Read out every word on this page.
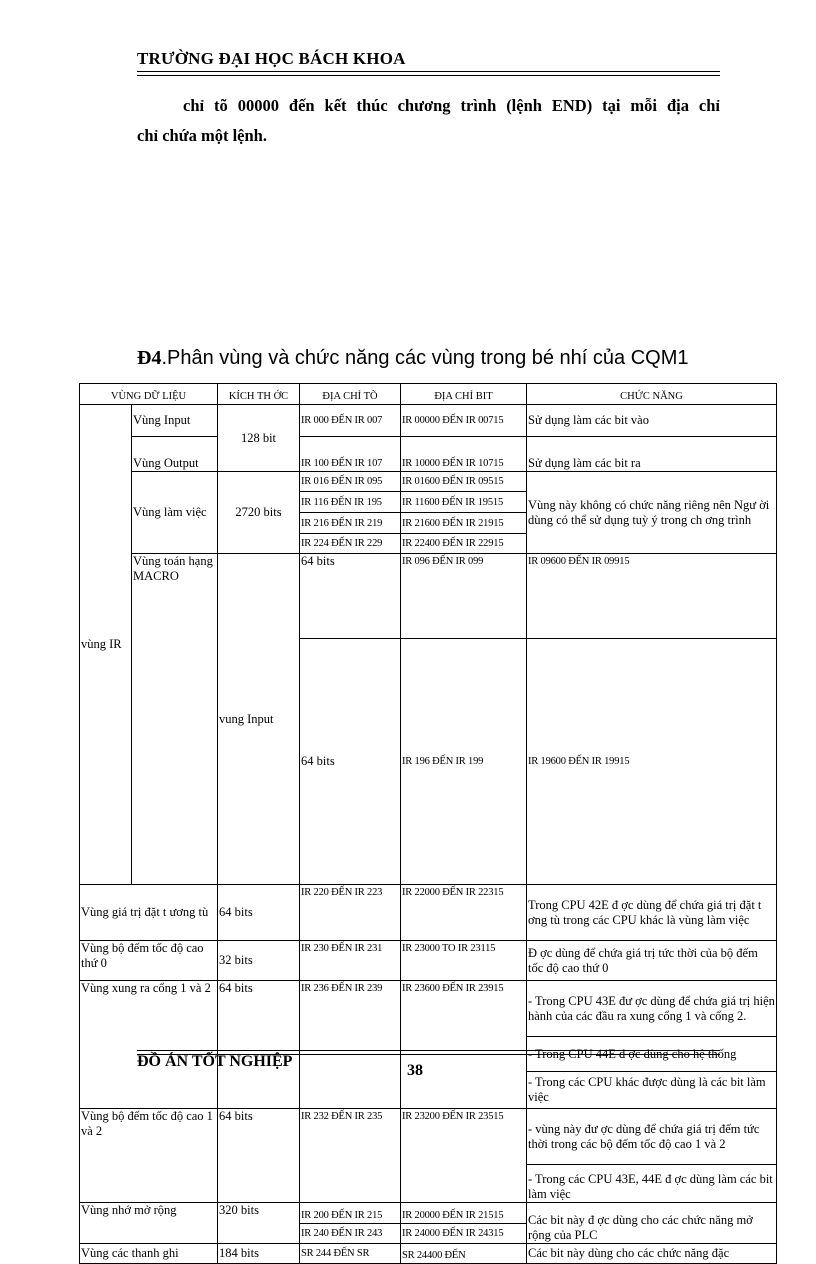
TRƯỜNG ĐẠI HỌC BÁCH KHOA
chỉ tõ 00000 đến kết thúc chương trình (lệnh END) tại mỗi địa chỉ
chỉ chứa một lệnh.
Đ4.Phân vùng và chức năng các vùng trong bé nhí của CQM1
VÙNG DỮ LIỆU		KÍCH TH ỚC	ĐỊA CHỈ TÕ	ĐỊA CHỈ BIT	CHỨC NĂNG	
vùng IR	Vùng Input	128 bit	IR 000 ĐẾN IR 007	IR 00000 ĐẾN IR 00715	Sử dụng làm các bit vào	
	Vùng Output		IR 100 ĐẾN IR 107	IR 10000 ĐẾN IR 10715	Sử dụng làm các bit ra	
	Vùng làm việc	2720 bits	IR 016 ĐẾN IR 095	IR 01600 ĐẾN IR 09515	Vùng này không có chức năng riêng nên Ngư ời dùng có thể sử dụng tuỳ ý trong ch ơng trình	
			IR 116 ĐẾN IR 195	IR 11600 ĐẾN IR 19515		
			IR 216 ĐẾN IR 219	IR 21600 ĐẾN IR 21915		
			IR 224 ĐẾN IR 229	IR 22400 ĐẾN IR 22915		
	Vùng toán hạng MACRO	vung Input	64 bits	IR 096 ĐẾN IR 099	IR 09600 ĐẾN IR 09915	
			64 bits	IR 196 ĐẾN IR 199	IR 19600 ĐẾN IR 19915	
Vùng giá trị đặt t ương tù		64 bits	IR 220 ĐẾN IR 223	IR 22000 ĐẾN IR 22315	Trong CPU 42E đ ợc dùng để chứa giá trị đặt t ơng tù trong các CPU khác là vùng làm việc	
Vùng bộ đếm tốc độ cao thứ 0		32 bits	IR 230 ĐẾN IR 231	IR 23000 TO IR 23115	Đ ợc dùng để chứa giá trị tức thời của bộ đếm tốc độ cao thứ 0	
Vùng xung ra cổng 1 và 2		64 bits	IR 236 ĐẾN IR 239	IR 23600 ĐẾN IR 23915	- Trong CPU 43E đư ợc dùng để chứa giá trị hiện hành của các đầu ra xung cổng 1 và cổng 2.	
					- Trong CPU 44E đ ợc dùng cho hệ thống	
					- Trong các CPU khác được dùng là các bit làm việc	
Vùng bộ đếm tốc độ cao 1 và 2		64 bits	IR 232 ĐẾN IR 235	IR 23200 ĐẾN IR 23515	- vùng này đư ợc dùng để chứa giá trị đếm tức thời trong các bộ đếm tốc độ cao 1 và 2	
					- Trong các CPU 43E, 44E đ ợc dùng làm các bit làm việc	
Vùng nhớ mở rộng		320 bits	IR 200 ĐẾN IR 215	IR 20000 ĐẾN IR 21515	Các bit này đ ợc dùng cho các chức năng mở rộng của PLC	
			IR 240 ĐẾN IR 243	IR 24000 ĐẾN IR 24315		
Vùng các thanh ghi		184 bits	SR 244 ĐẾN SR	SR 24400 ĐẾN	Các bit này dùng cho các chức năng đặc	
ĐỒ ÁN TỐT NGHIỆP
38
